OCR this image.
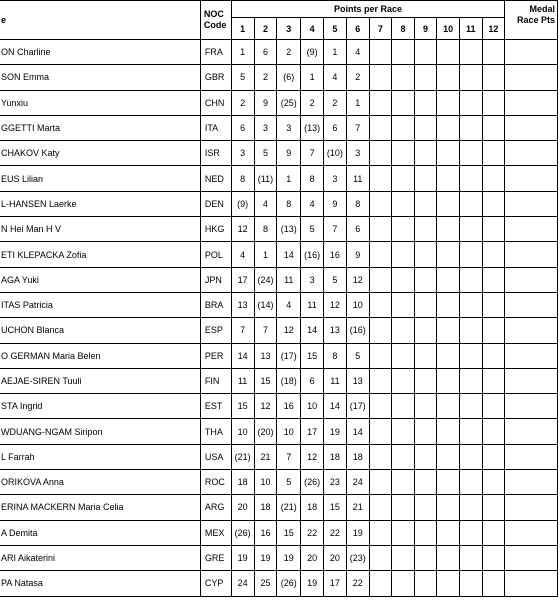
e	NOC
Code	Points per Race												Medal
Race Pts
		1	2	3	4	5	6	7	8	9	10	11	12	
ON Charline	FRA	1	6	2	(9)	1	4							
SON Emma	GBR	5	2	(6)	1	4	2							
Yunxiu	CHN	2	9	(25)	2	2	1							
GGETTI Marta	ITA	6	3	3	(13)	6	7							
CHAKOV Katy	ISR	3	5	9	7	(10)	3							
EUS Lilian	NED	8	(11)	1	8	3	11							
L-HANSEN Laerke	DEN	(9)	4	8	4	9	8							
N Hei Man H V	HKG	12	8	(13)	5	7	6							
ETI KLEPACKA Zofia	POL	4	1	14	(16)	16	9							
AGA Yuki	JPN	17	(24)	11	3	5	12							
ITAS Patricia	BRA	13	(14)	4	11	12	10							
UCHON Blanca	ESP	7	7	12	14	13	(16)							
O GERMAN Maria Belen	PER	14	13	(17)	15	8	5							
AEJAE-SIREN Tuuli	FIN	11	15	(18)	6	11	13							
STA Ingrid	EST	15	12	16	10	14	(17)							
WDUANG-NGAM Siripon	THA	10	(20)	10	17	19	14							
L Farrah	USA	(21)	21	7	12	18	18							
ORIKOVA Anna	ROC	18	10	5	(26)	23	24							
ERINA MACKERN Maria Celia	ARG	20	18	(21)	18	15	21							
A Demita	MEX	(26)	16	15	22	22	19							
ARI Aikaterini	GRE	19	19	19	20	20	(23)							
PA Natasa	CYP	24	25	(26)	19	17	22							
